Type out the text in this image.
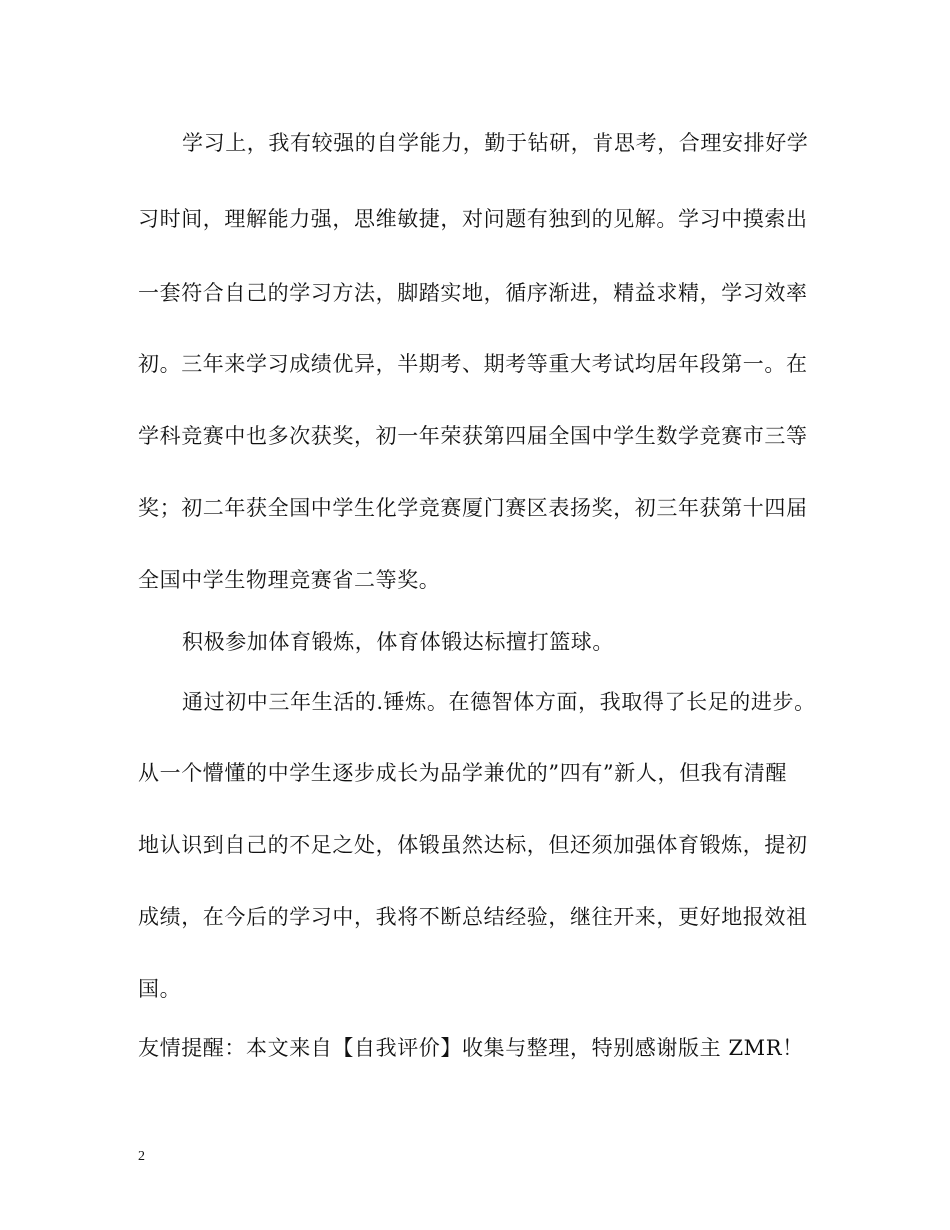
学习上，我有较强的自学能力，勤于钻研，肯思考，合理安排好学
习时间，理解能力强，思维敏捷，对问题有独到的见解。学习中摸索出
一套符合自己的学习方法，脚踏实地，循序渐进，精益求精，学习效率
初。三年来学习成绩优异，半期考、期考等重大考试均居年段第一。在
学科竞赛中也多次获奖，初一年荣获第四届全国中学生数学竞赛市三等
奖；初二年获全国中学生化学竞赛厦门赛区表扬奖，初三年获第十四届
全国中学生物理竞赛省二等奖。
积极参加体育锻炼，体育体锻达标擅打篮球。
通过初中三年生活的.锤炼。在德智体方面，我取得了长足的进步。
从一个懵懂的中学生逐步成长为品学兼优的”四有”新人，但我有清醒
地认识到自己的不足之处，体锻虽然达标，但还须加强体育锻炼，提初
成绩，在今后的学习中，我将不断总结经验，继往开来，更好地报效祖
国。
友情提醒：本文来自【自我评价】收集与整理，特别感谢版主 ZMR！
2
